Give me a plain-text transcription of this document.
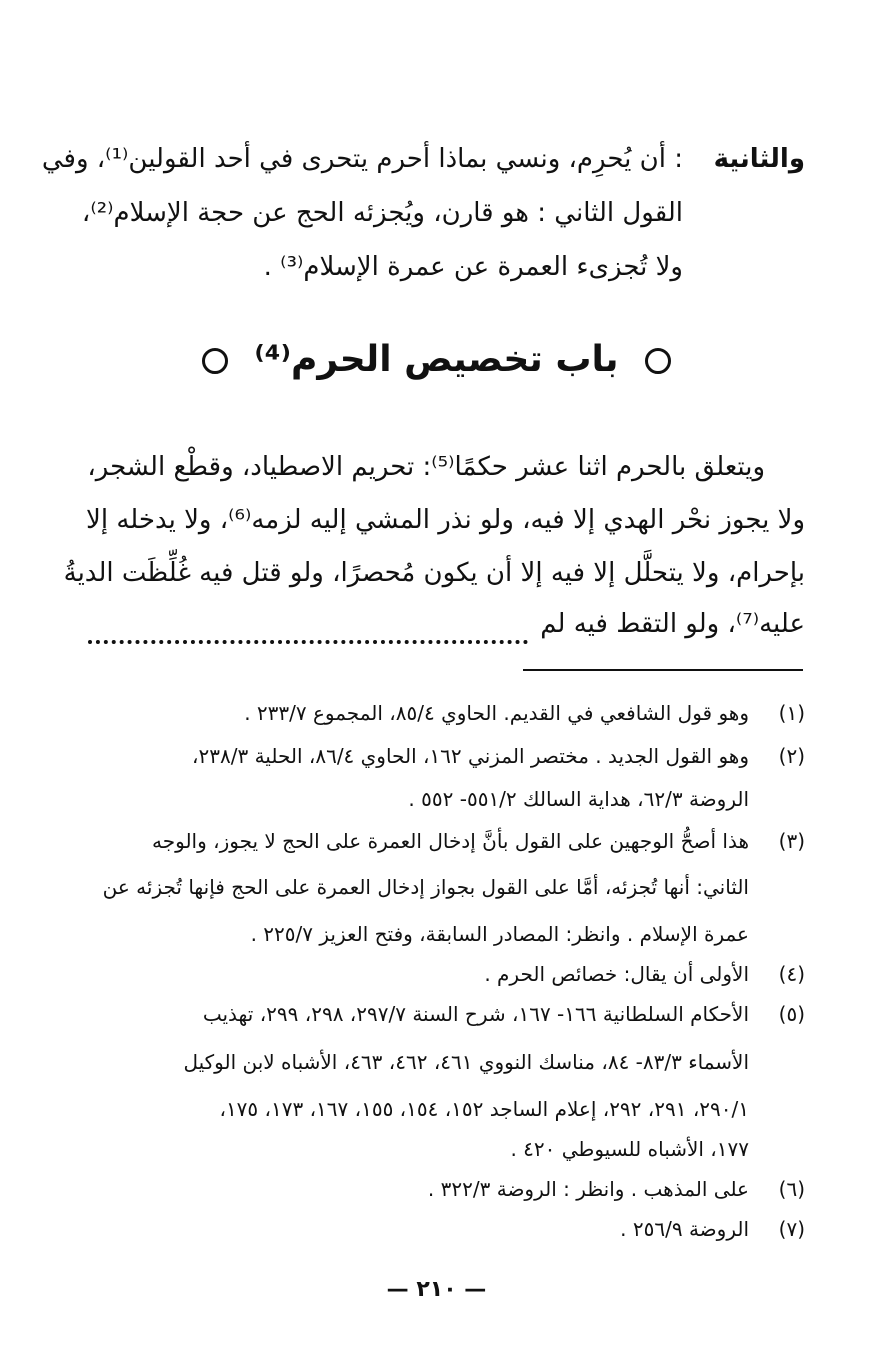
والثانية
: أن يُحرِم، ونسي بماذا أحرم يتحرى في أحد القولين⁽¹⁾، وفي
القول الثاني : هو قارن، ويُجزئه الحج عن حجة الإسلام⁽²⁾،
ولا تُجزىء العمرة عن عمرة الإسلام⁽³⁾ .
باب تخصيص الحرم⁽⁴⁾
ويتعلق بالحرم اثنا عشر حكمًا⁽⁵⁾: تحريم الاصطياد، وقطْع الشجر،
ولا يجوز نحْر الهدي إلا فيه، ولو نذر المشي إليه لزمه⁽⁶⁾، ولا يدخله إلا
بإحرام، ولا يتحلَّل إلا فيه إلا أن يكون مُحصرًا، ولو قتل فيه غُلِّظَت الديةُ
عليه⁽⁷⁾، ولو التقط فيه لم
(١)
وهو قول الشافعي في القديم. الحاوي ٨٥/٤، المجموع ٢٣٣/٧ .
(٢)
وهو القول الجديد . مختصر المزني ١٦٢، الحاوي ٨٦/٤، الحلية ٢٣٨/٣،
الروضة ٦٢/٣، هداية السالك ٥٥١/٢- ٥٥٢ .
(٣)
هذا أصحُّ الوجهين على القول بأنَّ إدخال العمرة على الحج لا يجوز، والوجه
الثاني: أنها تُجزئه، أمَّا على القول بجواز إدخال العمرة على الحج فإنها تُجزئه عن
عمرة الإسلام . وانظر: المصادر السابقة، وفتح العزيز ٢٢٥/٧ .
(٤)
الأولى أن يقال: خصائص الحرم .
(٥)
الأحكام السلطانية ١٦٦- ١٦٧، شرح السنة ٢٩٧/٧، ٢٩٨، ٢٩٩، تهذيب
الأسماء ٨٣/٣- ٨٤، مناسك النووي ٤٦١، ٤٦٢، ٤٦٣، الأشباه لابن الوكيل
٢٩٠/١، ٢٩١، ٢٩٢، إعلام الساجد ١٥٢، ١٥٤، ١٥٥، ١٦٧، ١٧٣، ١٧٥،
١٧٧، الأشباه للسيوطي ٤٢٠ .
(٦)
على المذهب . وانظر : الروضة ٣٢٢/٣ .
(٧)
الروضة ٢٥٦/٩ .
— ٢١٠ —
